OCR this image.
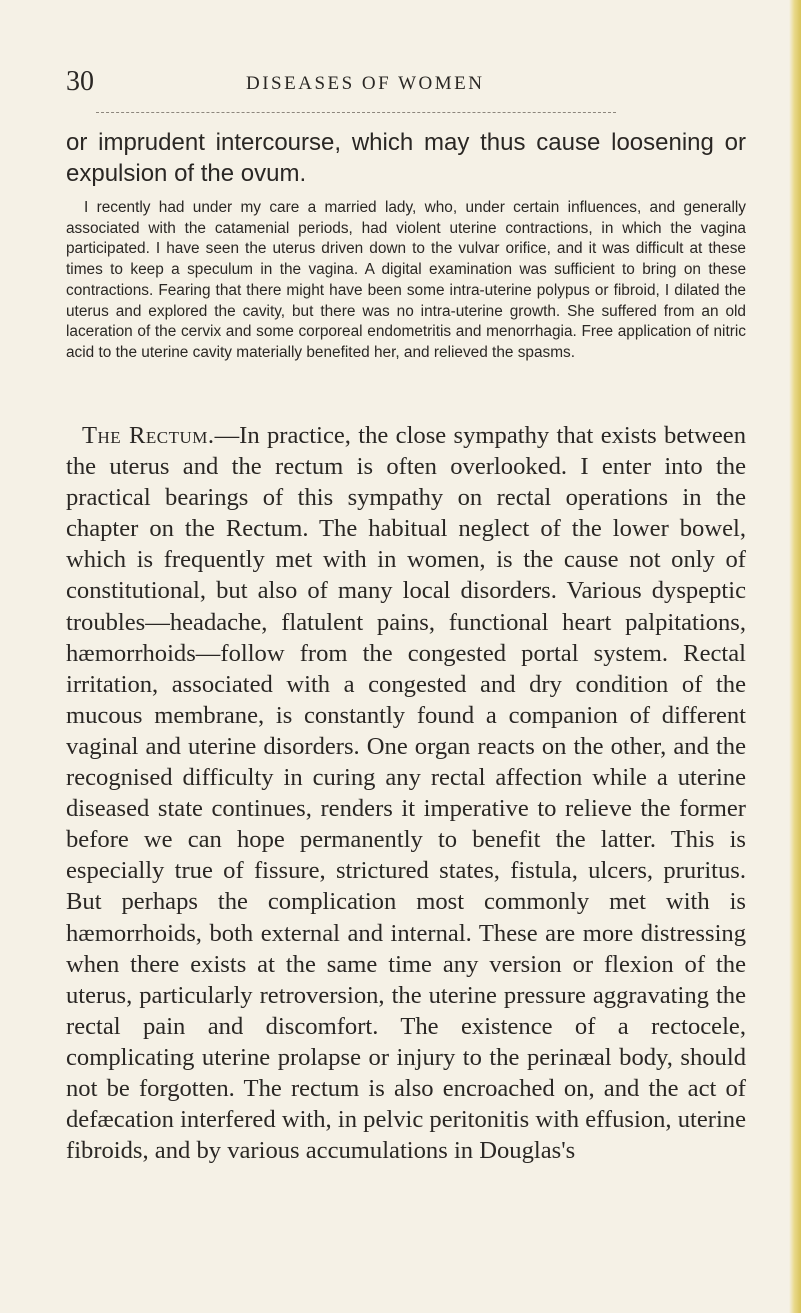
30	DISEASES OF WOMEN

or imprudent intercourse, which may thus cause loosening or expulsion of the ovum.

I recently had under my care a married lady, who, under certain influences, and generally associated with the catamenial periods, had violent uterine contractions, in which the vagina participated. I have seen the uterus driven down to the vulvar orifice, and it was difficult at these times to keep a speculum in the vagina. A digital examination was sufficient to bring on these contractions. Fearing that there might have been some intra-uterine polypus or fibroid, I dilated the uterus and explored the cavity, but there was no intra-uterine growth. She suffered from an old laceration of the cervix and some corporeal endometritis and menorrhagia. Free application of nitric acid to the uterine cavity materially benefited her, and relieved the spasms.

The Rectum.—In practice, the close sympathy that exists between the uterus and the rectum is often overlooked. I enter into the practical bearings of this sympathy on rectal operations in the chapter on the Rectum. The habitual neglect of the lower bowel, which is frequently met with in women, is the cause not only of constitutional, but also of many local disorders. Various dyspeptic troubles—headache, flatulent pains, functional heart palpitations, hæmorrhoids—follow from the congested portal system. Rectal irritation, associated with a congested and dry condition of the mucous membrane, is constantly found a companion of different vaginal and uterine disorders. One organ reacts on the other, and the recognised difficulty in curing any rectal affection while a uterine diseased state continues, renders it imperative to relieve the former before we can hope permanently to benefit the latter. This is especially true of fissure, strictured states, fistula, ulcers, pruritus. But perhaps the complication most commonly met with is hæmorrhoids, both external and internal. These are more distressing when there exists at the same time any version or flexion of the uterus, particularly retroversion, the uterine pressure aggravating the rectal pain and discomfort. The existence of a rectocele, complicating uterine prolapse or injury to the perinæal body, should not be forgotten. The rectum is also encroached on, and the act of defæcation interfered with, in pelvic peritonitis with effusion, uterine fibroids, and by various accumulations in Douglas's
